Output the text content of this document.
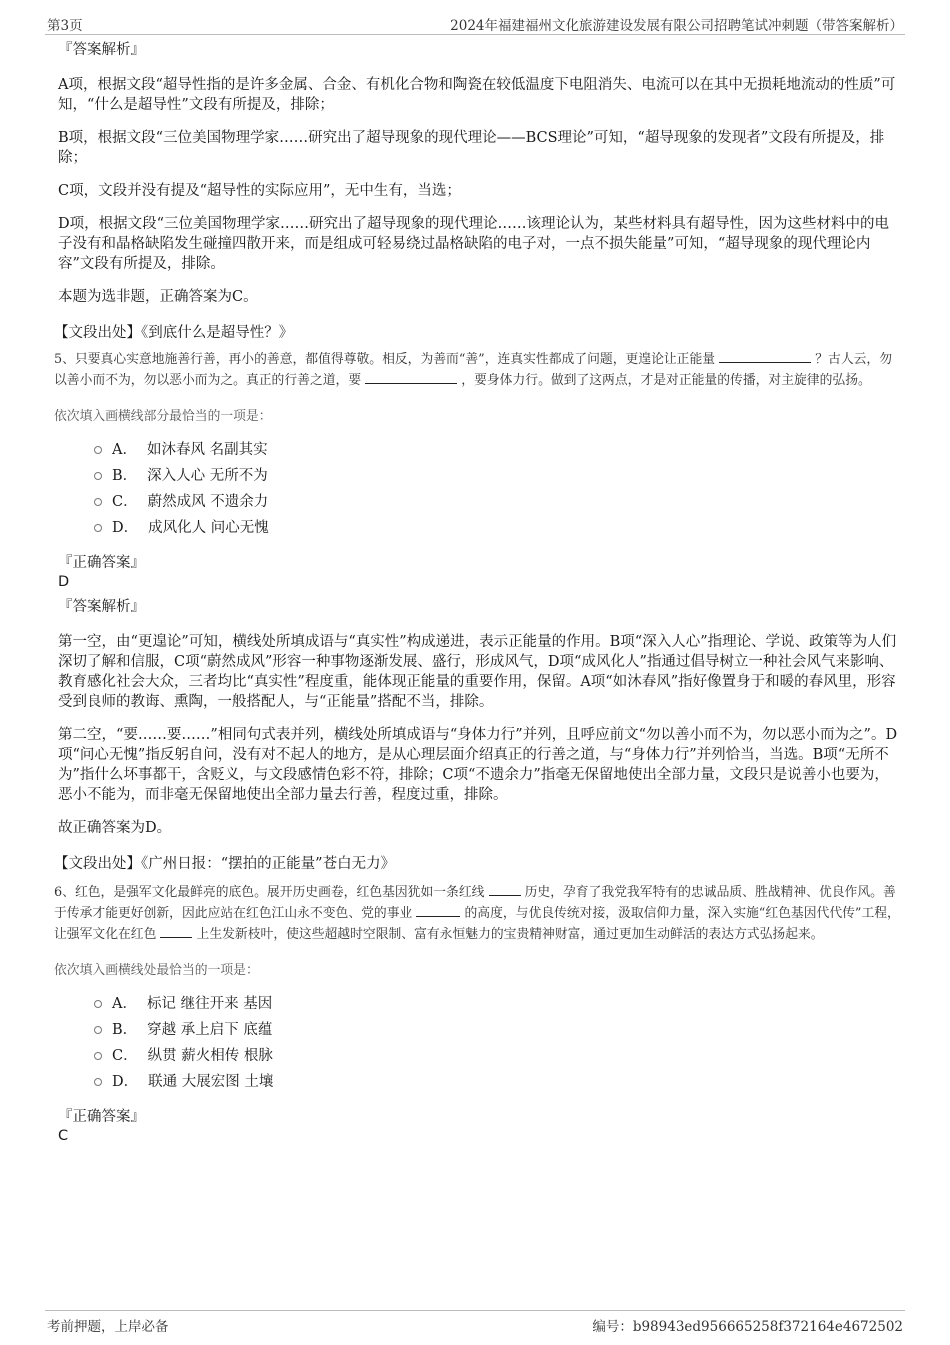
第3页	2024年福建福州文化旅游建设发展有限公司招聘笔试冲刺题（带答案解析）
『答案解析』

A项，根据文段“超导性指的是许多金属、合金、有机化合物和陶瓷在较低温度下电阻消失、电流可以在其中无损耗地流动的性质”可知，“什么是超导性”文段有所提及，排除；

B项，根据文段“三位美国物理学家……研究出了超导现象的现代理论——BCS理论”可知，“超导现象的发现者”文段有所提及，排除；

C项，文段并没有提及“超导性的实际应用”，无中生有，当选；

D项，根据文段“三位美国物理学家……研究出了超导现象的现代理论……该理论认为，某些材料具有超导性，因为这些材料中的电子没有和晶格缺陷发生碰撞四散开来，而是组成可轻易绕过晶格缺陷的电子对，一点不损失能量”可知，“超导现象的现代理论内容”文段有所提及，排除。

本题为选非题，正确答案为C。

【文段出处】《到底什么是超导性？》

5、只要真心实意地施善行善，再小的善意，都值得尊敬。相反，为善而“善”，连真实性都成了问题，更遑论让正能量	？古人云，勿以善小而不为，勿以恶小而为之。真正的行善之道，要	，要身体力行。做到了这两点，才是对正能量的传播，对主旋律的弘扬。

依次填入画横线部分最恰当的一项是：

A． 如沐春风 名副其实
B． 深入人心 无所不为
C． 蔚然成风 不遗余力
D． 成风化人 问心无愧
『正确答案』
D
『答案解析』

第一空，由“更遑论”可知，横线处所填成语与“真实性”构成递进，表示正能量的作用。B项“深入人心”指理论、学说、政策等为人们深切了解和信服，C项“蔚然成风”形容一种事物逐渐发展、盛行，形成风气，D项“成风化人”指通过倡导树立一种社会风气来影响、教育感化社会大众，三者均比“真实性”程度重，能体现正能量的重要作用，保留。A项“如沐春风”指好像置身于和暖的春风里，形容受到良师的教诲、熏陶，一般搭配人，与“正能量”搭配不当，排除。

第二空，“要……要……”相同句式表并列，横线处所填成语与“身体力行”并列，且呼应前文“勿以善小而不为，勿以恶小而为之”。D项“问心无愧”指反躬自问，没有对不起人的地方，是从心理层面介绍真正的行善之道，与“身体力行”并列恰当，当选。B项“无所不为”指什么坏事都干，含贬义，与文段感情色彩不符，排除；C项“不遗余力”指毫无保留地使出全部力量，文段只是说善小也要为，恶小不能为，而非毫无保留地使出全部力量去行善，程度过重，排除。

故正确答案为D。

【文段出处】《广州日报：“摆拍的正能量”苍白无力》

6、红色，是强军文化最鲜亮的底色。展开历史画卷，红色基因犹如一条红线	历史，孕育了我党我军特有的忠诚品质、胜战精神、优良作风。善于传承才能更好创新，因此应站在红色江山永不变色、党的事业	的高度，与优良传统对接，汲取信仰力量，深入实施“红色基因代代传”工程，让强军文化在红色	上生发新枝叶，使这些超越时空限制、富有永恒魅力的宝贵精神财富，通过更加生动鲜活的表达方式弘扬起来。

依次填入画横线处最恰当的一项是：

A． 标记 继往开来 基因
B． 穿越 承上启下 底蕴
C． 纵贯 薪火相传 根脉
D． 联通 大展宏图 土壤
『正确答案』
C
考前押题，上岸必备	编号：b98943ed956665258f372164e4672502
